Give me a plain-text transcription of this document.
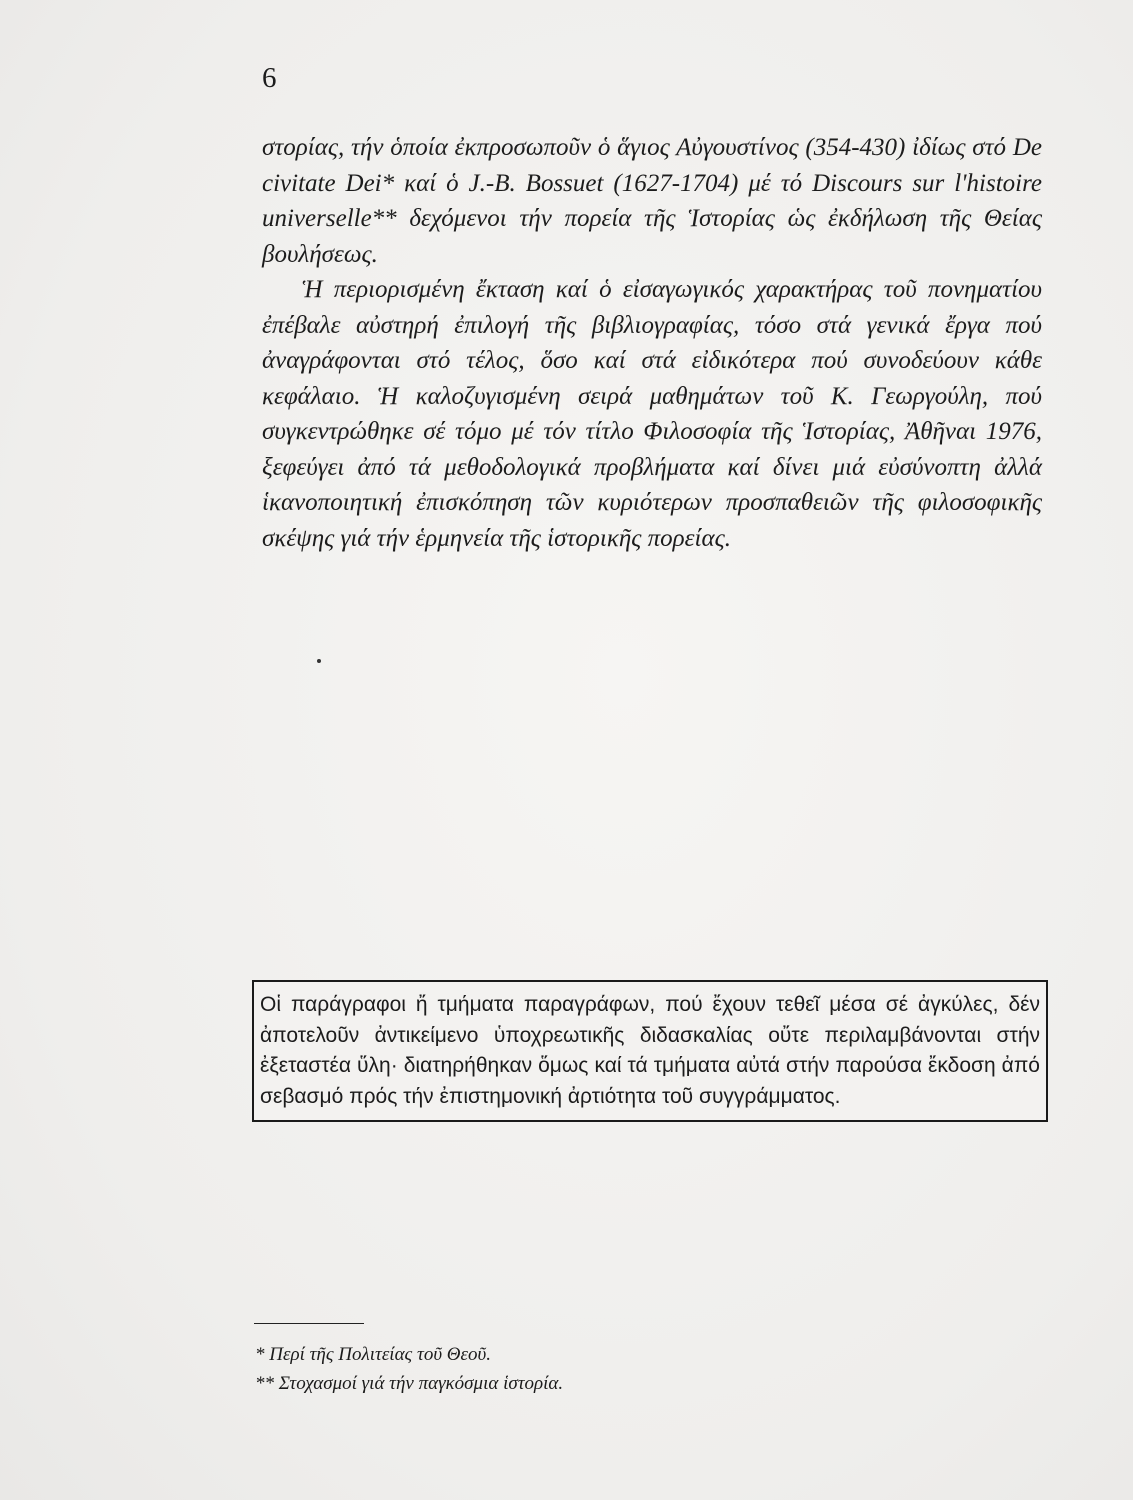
6

στορίας, τήν ὁποία ἐκπροσωποῦν ὁ ἅγιος Αὐγουστίνος (354-430) ἰδίως στό De civitate Dei* καί ὁ J.-B. Bossuet (1627-1704) μέ τό Discours sur l'histoire universelle** δεχόμενοι τήν πορεία τῆς Ἱστορίας ὡς ἐκδήλωση τῆς Θείας βουλήσεως.

Ἡ περιορισμένη ἔκταση καί ὁ εἰσαγωγικός χαρακτήρας τοῦ πονηματίου ἐπέβαλε αὐστηρή ἐπιλογή τῆς βιβλιογραφίας, τόσο στά γενικά ἔργα πού ἀναγράφονται στό τέλος, ὅσο καί στά εἰδικότερα πού συνοδεύουν κάθε κεφάλαιο. Ἡ καλοζυγισμένη σειρά μαθημάτων τοῦ Κ. Γεωργούλη, πού συγκεντρώθηκε σέ τόμο μέ τόν τίτλο Φιλοσοφία τῆς Ἱστορίας, Ἀθῆναι 1976, ξεφεύγει ἀπό τά μεθοδολογικά προβλήματα καί δίνει μιά εὐσύνοπτη ἀλλά ἱκανοποιητική ἐπισκόπηση τῶν κυριότερων προσπαθειῶν τῆς φιλοσοφικῆς σκέψης γιά τήν ἑρμηνεία τῆς ἱστορικῆς πορείας.

Οἱ παράγραφοι ἤ τμήματα παραγράφων, πού ἔχουν τεθεῖ μέσα σέ ἀγκύλες, δέν ἀποτελοῦν ἀντικείμενο ὑποχρεωτικῆς διδασκαλίας οὔτε περιλαμβάνονται στήν ἐξεταστέα ὕλη· διατηρήθηκαν ὅμως καί τά τμήματα αὐτά στήν παρούσα ἔκδοση ἀπό σεβασμό πρός τήν ἐπιστημονική ἀρτιότητα τοῦ συγγράμματος.
* Περί τῆς Πολιτείας τοῦ Θεοῦ.
** Στοχασμοί γιά τήν παγκόσμια ἱστορία.
